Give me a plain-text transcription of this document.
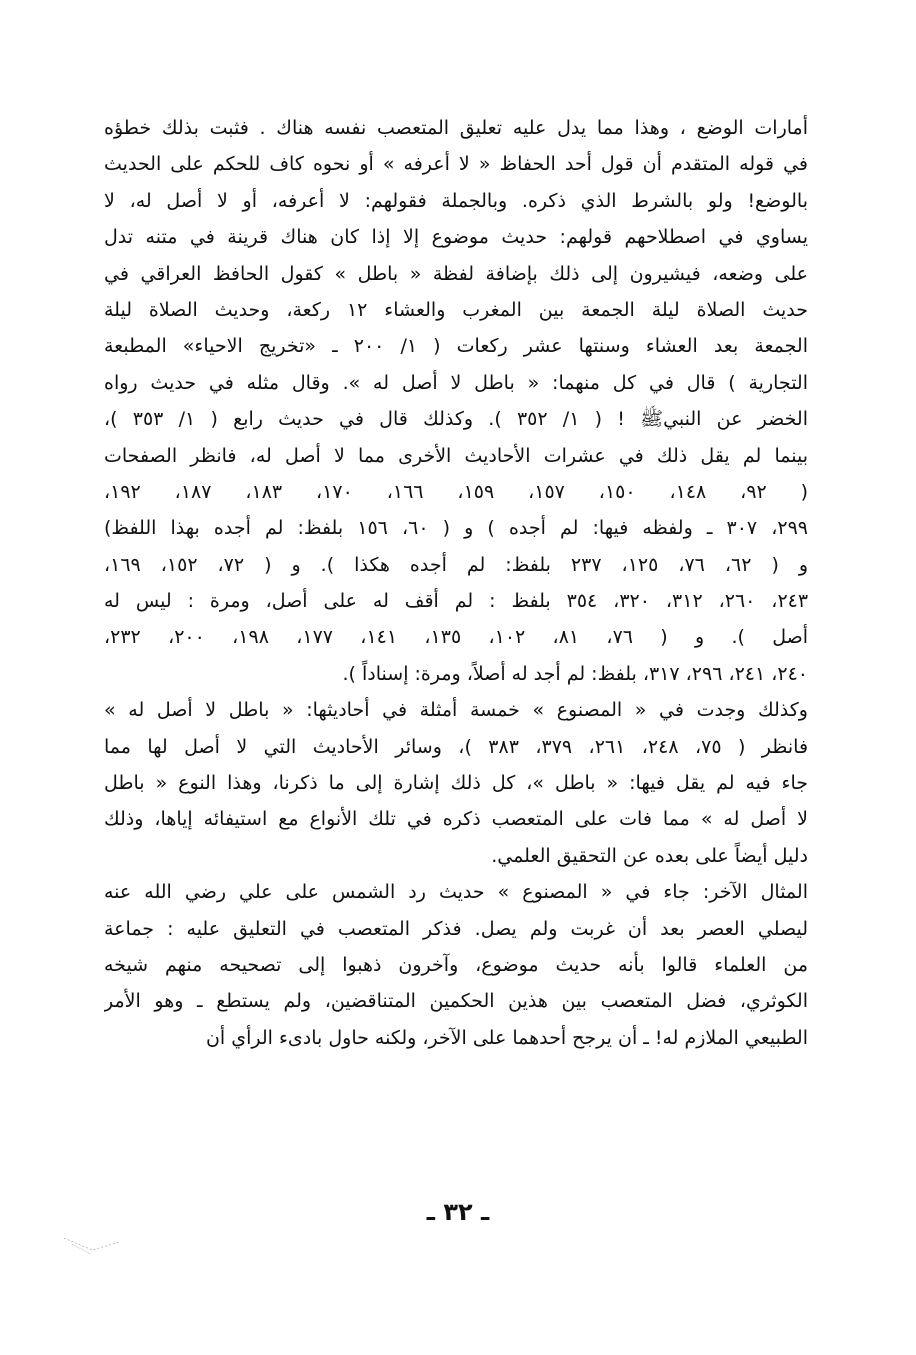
أمارات الوضع ، وهذا مما يدل عليه تعليق المتعصب نفسه هناك . فثبت بذلك خطؤه
في قوله المتقدم أن قول أحد الحفاظ « لا أعرفه » أو نحوه كاف للحكم على الحديث
بالوضع! ولو بالشرط الذي ذكره. وبالجملة فقولهم: لا أعرفه، أو لا أصل له، لا
يساوي في اصطلاحهم قولهم: حديث موضوع إلا إذا كان هناك قرينة في متنه تدل
على وضعه، فيشيرون إلى ذلك بإضافة لفظة « باطل » كقول الحافظ العراقي في
حديث الصلاة ليلة الجمعة بين المغرب والعشاء ١٢ ركعة، وحديث الصلاة ليلة
الجمعة بعد العشاء وسنتها عشر ركعات ( ١/ ٢٠٠ ـ «تخريج الاحياء» المطبعة
التجارية ) قال في كل منهما: « باطل لا أصل له ». وقال مثله في حديث رواه
الخضر عن النبيﷺ ! ( ١/ ٣٥٢ ). وكذلك قال في حديث رابع ( ١/ ٣٥٣ )،
بينما لم يقل ذلك في عشرات الأحاديث الأخرى مما لا أصل له، فانظر الصفحات
( ٩٢، ١٤٨، ١٥٠، ١٥٧، ١٥٩، ١٦٦، ١٧٠، ١٨٣، ١٨٧، ١٩٢،
٢٩٩، ٣٠٧ ـ ولفظه فيها: لم أجده ) و ( ٦٠، ١٥٦ بلفظ: لم أجده بهذا اللفظ)
و ( ٦٢، ٧٦، ١٢٥، ٢٣٧ بلفظ: لم أجده هكذا ). و ( ٧٢، ١٥٢، ١٦٩،
٢٤٣، ٢٦٠، ٣١٢، ٣٢٠، ٣٥٤ بلفظ : لم أقف له على أصل، ومرة : ليس له
أصل ). و ( ٧٦، ٨١، ١٠٢، ١٣٥، ١٤١، ١٧٧، ١٩٨، ٢٠٠، ٢٣٢،
٢٤٠، ٢٤١، ٢٩٦، ٣١٧، بلفظ: لم أجد له أصلاً، ومرة: إسناداً ).
وكذلك وجدت في « المصنوع » خمسة أمثلة في أحاديثها: « باطل لا أصل له »
فانظر ( ٧٥، ٢٤٨، ٢٦١، ٣٧٩، ٣٨٣ )، وسائر الأحاديث التي لا أصل لها مما
جاء فيه لم يقل فيها: « باطل »، كل ذلك إشارة إلى ما ذكرنا، وهذا النوع « باطل
لا أصل له » مما فات على المتعصب ذكره في تلك الأنواع مع استيفائه إياها، وذلك
دليل أيضاً على بعده عن التحقيق العلمي.
المثال الآخر: جاء في « المصنوع » حديث رد الشمس على علي رضي الله عنه
ليصلي العصر بعد أن غربت ولم يصل. فذكر المتعصب في التعليق عليه : جماعة
من العلماء قالوا بأنه حديث موضوع، وآخرون ذهبوا إلى تصحيحه منهم شيخه
الكوثري، فضل المتعصب بين هذين الحكمين المتناقضين، ولم يستطع ـ وهو الأمر
الطبيعي الملازم له! ـ أن يرجح أحدهما على الآخر، ولكنه حاول بادىء الرأي أن
ـ ٣٢ ـ
